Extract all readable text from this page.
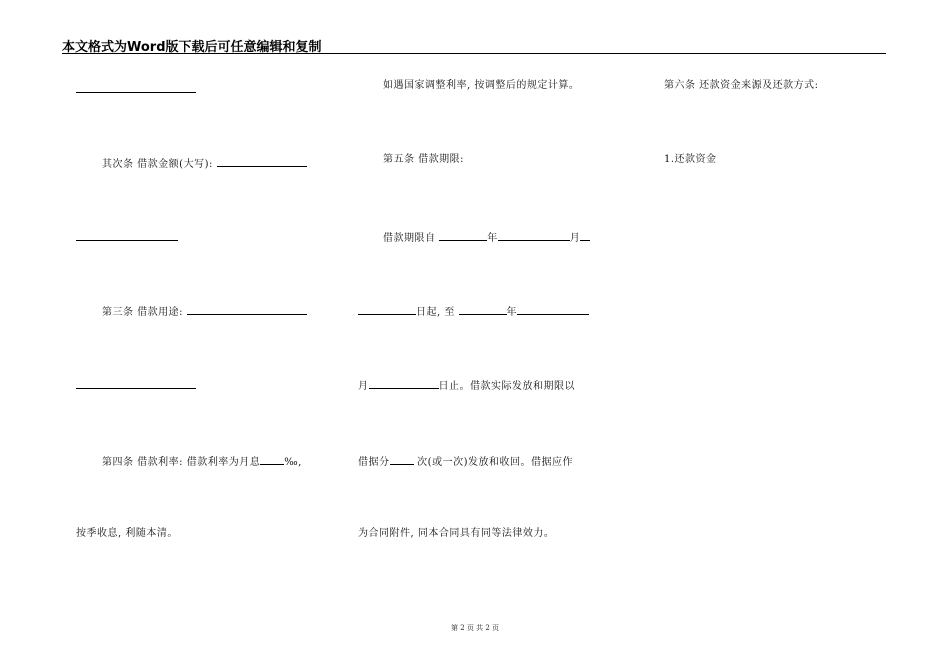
本文格式为Word版下载后可任意编辑和复制
其次条 借款金额(大写):
第三条 借款用途:
第四条 借款利率: 借款利率为月息 ‰,
按季收息, 利随本清。
如遇国家调整利率, 按调整后的规定计算。
第五条 借款期限:
借款期限自	年	月
日起, 至	年
月	日止。借款实际发放和期限以
借据分 次(或一次)发放和收回。借据应作
为合同附件, 同本合同具有同等法律效力。
第六条 还款资金来源及还款方式:
1.还款资金
第 2 页 共 2 页
